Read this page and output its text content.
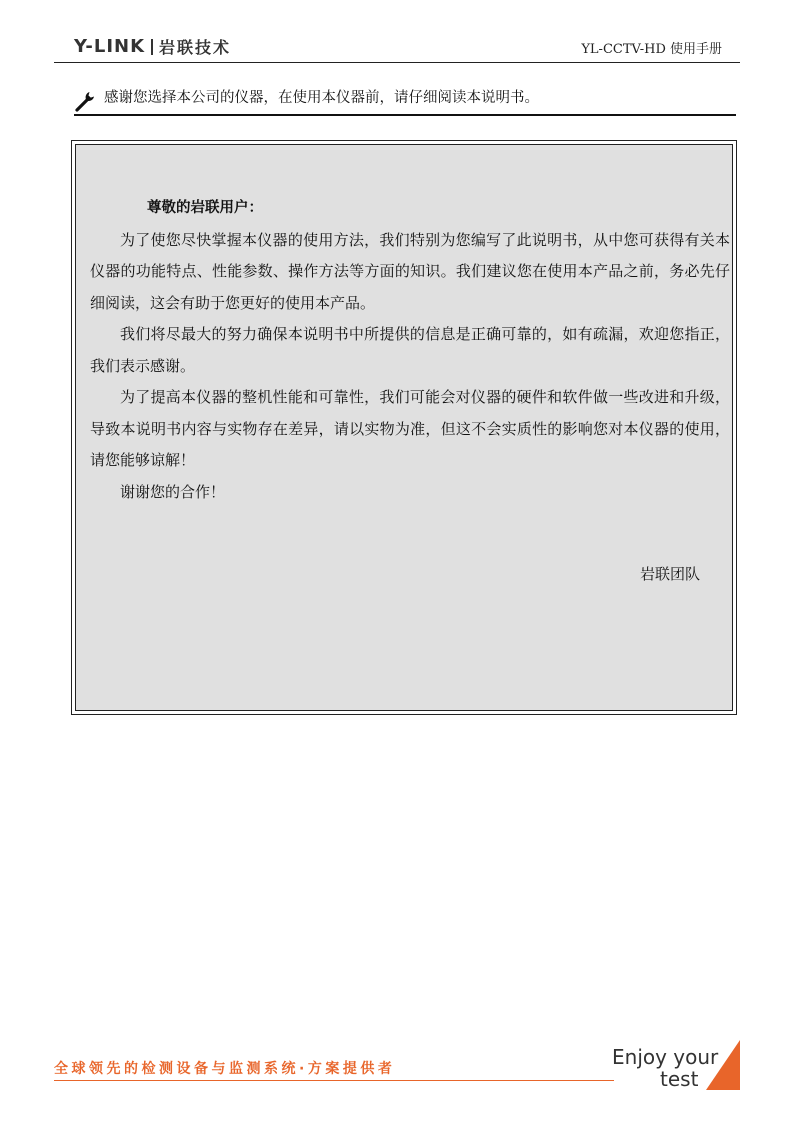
Y-LINK 岩联技术	YL-CCTV-HD 使用手册
感谢您选择本公司的仪器，在使用本仪器前，请仔细阅读本说明书。
尊敬的岩联用户：

为了使您尽快掌握本仪器的使用方法，我们特别为您编写了此说明书，从中您可获得有关本仪器的功能特点、性能参数、操作方法等方面的知识。我们建议您在使用本产品之前，务必先仔细阅读，这会有助于您更好的使用本产品。

我们将尽最大的努力确保本说明书中所提供的信息是正确可靠的，如有疏漏，欢迎您指正，我们表示感谢。

为了提高本仪器的整机性能和可靠性，我们可能会对仪器的硬件和软件做一些改进和升级，导致本说明书内容与实物存在差异，请以实物为准，但这不会实质性的影响您对本仪器的使用，请您能够谅解！

谢谢您的合作！

岩联团队
全球领先的检测设备与监测系统·方案提供者	Enjoy your
test
